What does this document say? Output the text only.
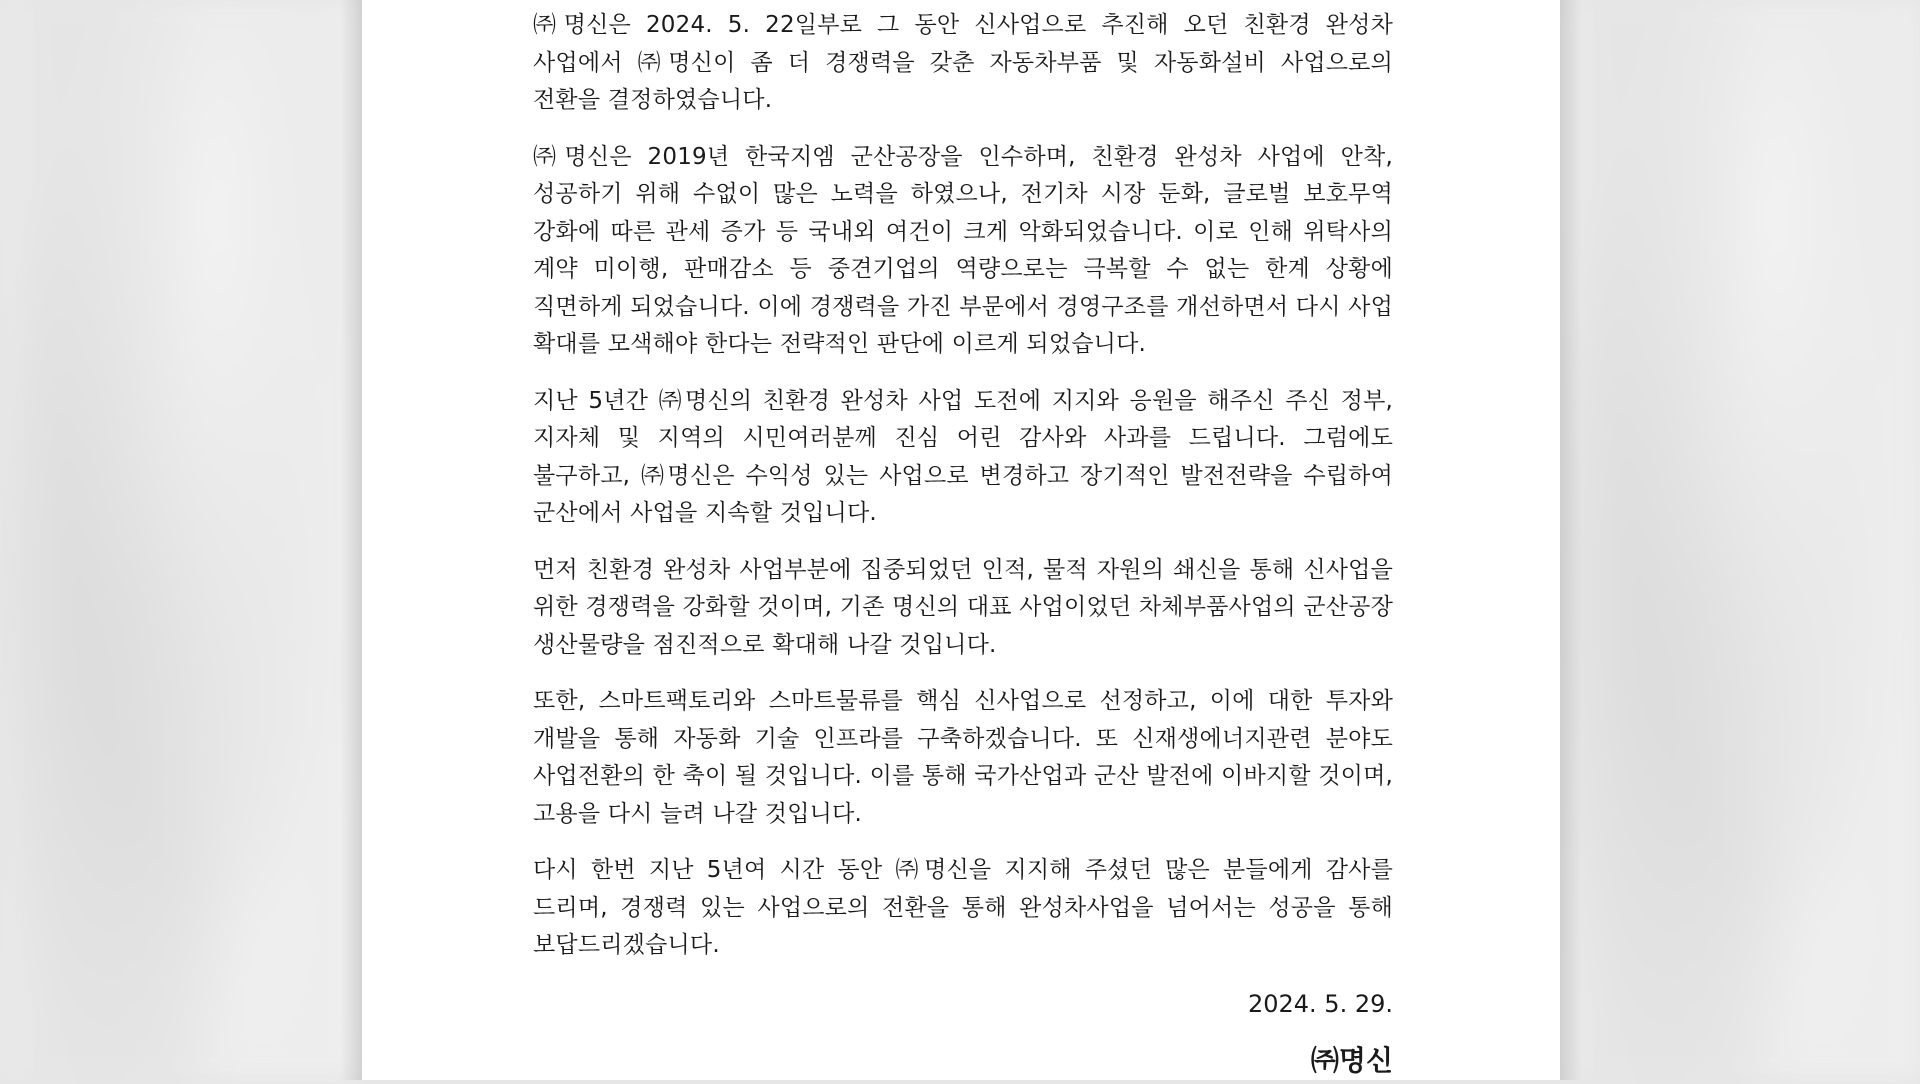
㈜명신은 2024. 5. 22일부로 그 동안 신사업으로 추진해 오던 친환경 완성차 사업에서 ㈜명신이 좀 더 경쟁력을 갖춘 자동차부품 및 자동화설비 사업으로의 전환을 결정하였습니다.

㈜명신은 2019년 한국지엠 군산공장을 인수하며, 친환경 완성차 사업에 안착, 성공하기 위해 수없이 많은 노력을 하였으나, 전기차 시장 둔화, 글로벌 보호무역 강화에 따른 관세 증가 등 국내외 여건이 크게 악화되었습니다. 이로 인해 위탁사의 계약 미이행, 판매감소 등 중견기업의 역량으로는 극복할 수 없는 한계 상황에 직면하게 되었습니다. 이에 경쟁력을 가진 부문에서 경영구조를 개선하면서 다시 사업 확대를 모색해야 한다는 전략적인 판단에 이르게 되었습니다.

지난 5년간 ㈜명신의 친환경 완성차 사업 도전에 지지와 응원을 해주신 주신 정부, 지자체 및 지역의 시민여러분께 진심 어린 감사와 사과를 드립니다. 그럼에도 불구하고, ㈜명신은 수익성 있는 사업으로 변경하고 장기적인 발전전략을 수립하여 군산에서 사업을 지속할 것입니다.

먼저 친환경 완성차 사업부분에 집중되었던 인적, 물적 자원의 쇄신을 통해 신사업을 위한 경쟁력을 강화할 것이며, 기존 명신의 대표 사업이었던 차체부품사업의 군산공장 생산물량을 점진적으로 확대해 나갈 것입니다.

또한, 스마트팩토리와 스마트물류를 핵심 신사업으로 선정하고, 이에 대한 투자와 개발을 통해 자동화 기술 인프라를 구축하겠습니다. 또 신재생에너지관련 분야도 사업전환의 한 축이 될 것입니다. 이를 통해 국가산업과 군산 발전에 이바지할 것이며, 고용을 다시 늘려 나갈 것입니다.

다시 한번 지난 5년여 시간 동안 ㈜명신을 지지해 주셨던 많은 분들에게 감사를 드리며, 경쟁력 있는 사업으로의 전환을 통해 완성차사업을 넘어서는 성공을 통해 보답드리겠습니다.

2024. 5. 29.
㈜명신
